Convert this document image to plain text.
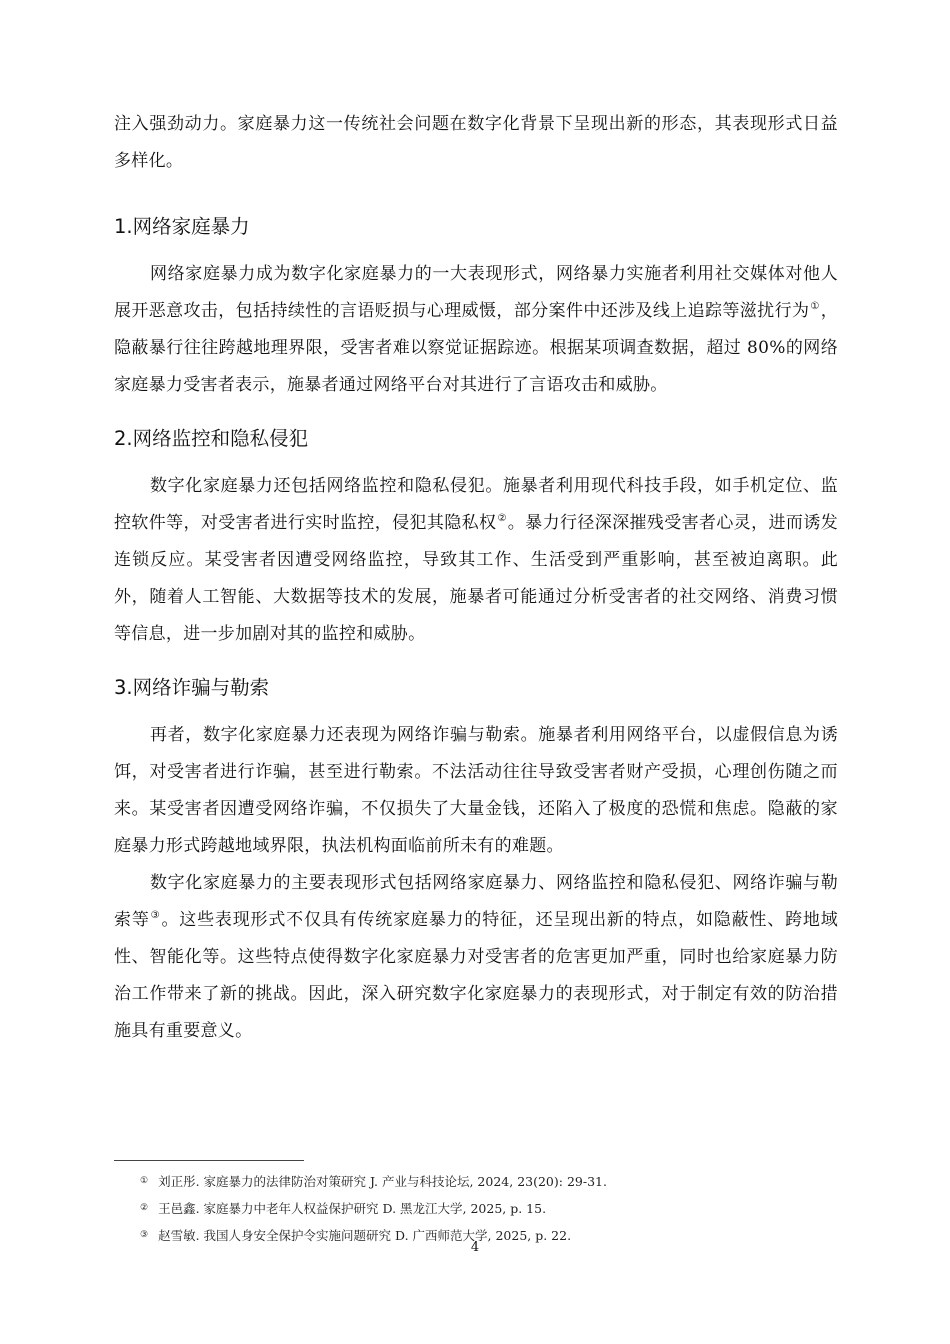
注入强劲动力。家庭暴力这一传统社会问题在数字化背景下呈现出新的形态，其表现形式日益多样化。

1.网络家庭暴力

网络家庭暴力成为数字化家庭暴力的一大表现形式，网络暴力实施者利用社交媒体对他人展开恶意攻击，包括持续性的言语贬损与心理威慑，部分案件中还涉及线上追踪等滋扰行为①，隐蔽暴行往往跨越地理界限，受害者难以察觉证据踪迹。根据某项调查数据，超过 80%的网络家庭暴力受害者表示，施暴者通过网络平台对其进行了言语攻击和威胁。

2.网络监控和隐私侵犯

数字化家庭暴力还包括网络监控和隐私侵犯。施暴者利用现代科技手段，如手机定位、监控软件等，对受害者进行实时监控，侵犯其隐私权②。暴力行径深深摧残受害者心灵，进而诱发连锁反应。某受害者因遭受网络监控，导致其工作、生活受到严重影响，甚至被迫离职。此外，随着人工智能、大数据等技术的发展，施暴者可能通过分析受害者的社交网络、消费习惯等信息，进一步加剧对其的监控和威胁。

3.网络诈骗与勒索

再者，数字化家庭暴力还表现为网络诈骗与勒索。施暴者利用网络平台，以虚假信息为诱饵，对受害者进行诈骗，甚至进行勒索。不法活动往往导致受害者财产受损，心理创伤随之而来。某受害者因遭受网络诈骗，不仅损失了大量金钱，还陷入了极度的恐慌和焦虑。隐蔽的家庭暴力形式跨越地域界限，执法机构面临前所未有的难题。

数字化家庭暴力的主要表现形式包括网络家庭暴力、网络监控和隐私侵犯、网络诈骗与勒索等③。这些表现形式不仅具有传统家庭暴力的特征，还呈现出新的特点，如隐蔽性、跨地域性、智能化等。这些特点使得数字化家庭暴力对受害者的危害更加严重，同时也给家庭暴力防治工作带来了新的挑战。因此，深入研究数字化家庭暴力的表现形式，对于制定有效的防治措施具有重要意义。

① 刘正彤. 家庭暴力的法律防治对策研究 J. 产业与科技论坛, 2024, 23(20): 29-31.
② 王邑鑫. 家庭暴力中老年人权益保护研究 D. 黑龙江大学, 2025, p. 15.
③ 赵雪敏. 我国人身安全保护令实施问题研究 D. 广西师范大学, 2025, p. 22.
4
